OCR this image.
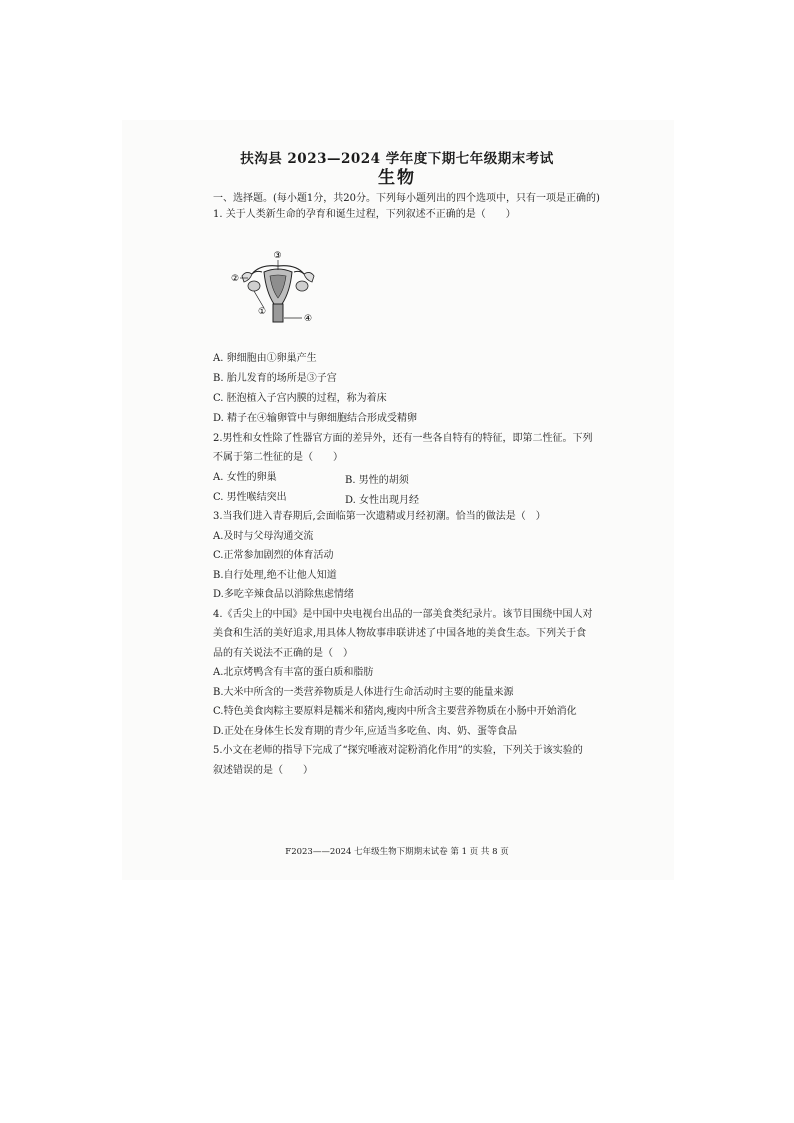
扶沟县 2023—2024 学年度下期七年级期末考试
生物
一、选择题。(每小题1分，共20分。下列每小题列出的四个选项中，只有一项是正确的)
1. 关于人类新生命的孕育和诞生过程，下列叙述不正确的是（　　）
③
②
①
④
A. 卵细胞由①卵巢产生
B. 胎儿发育的场所是③子宫
C. 胚泡植入子宫内膜的过程，称为着床
D. 精子在④输卵管中与卵细胞结合形成受精卵
2.男性和女性除了性器官方面的差异外，还有一些各自特有的特征，即第二性征。下列
不属于第二性征的是（　　）
A. 女性的卵巢	B. 男性的胡须
C. 男性喉结突出	D. 女性出现月经
3.当我们进入青春期后,会面临第一次遗精或月经初潮。恰当的做法是（　）
A.及时与父母沟通交流
C.正常参加剧烈的体育活动
B.自行处理,绝不让他人知道
D.多吃辛辣食品以消除焦虑情绪
4.《舌尖上的中国》是中国中央电视台出品的一部美食类纪录片。该节目围绕中国人对
美食和生活的美好追求,用具体人物故事串联讲述了中国各地的美食生态。下列关于食
品的有关说法不正确的是（　）
A.北京烤鸭含有丰富的蛋白质和脂肪
B.大米中所含的一类营养物质是人体进行生命活动时主要的能量来源
C.特色美食肉粽主要原料是糯米和猪肉,瘦肉中所含主要营养物质在小肠中开始消化
D.正处在身体生长发育期的青少年,应适当多吃鱼、肉、奶、蛋等食品
5.小文在老师的指导下完成了“探究唾液对淀粉消化作用”的实验，下列关于该实验的
叙述错误的是（　　）
F2023——2024 七年级生物下期期末试卷 第 1 页 共 8 页
